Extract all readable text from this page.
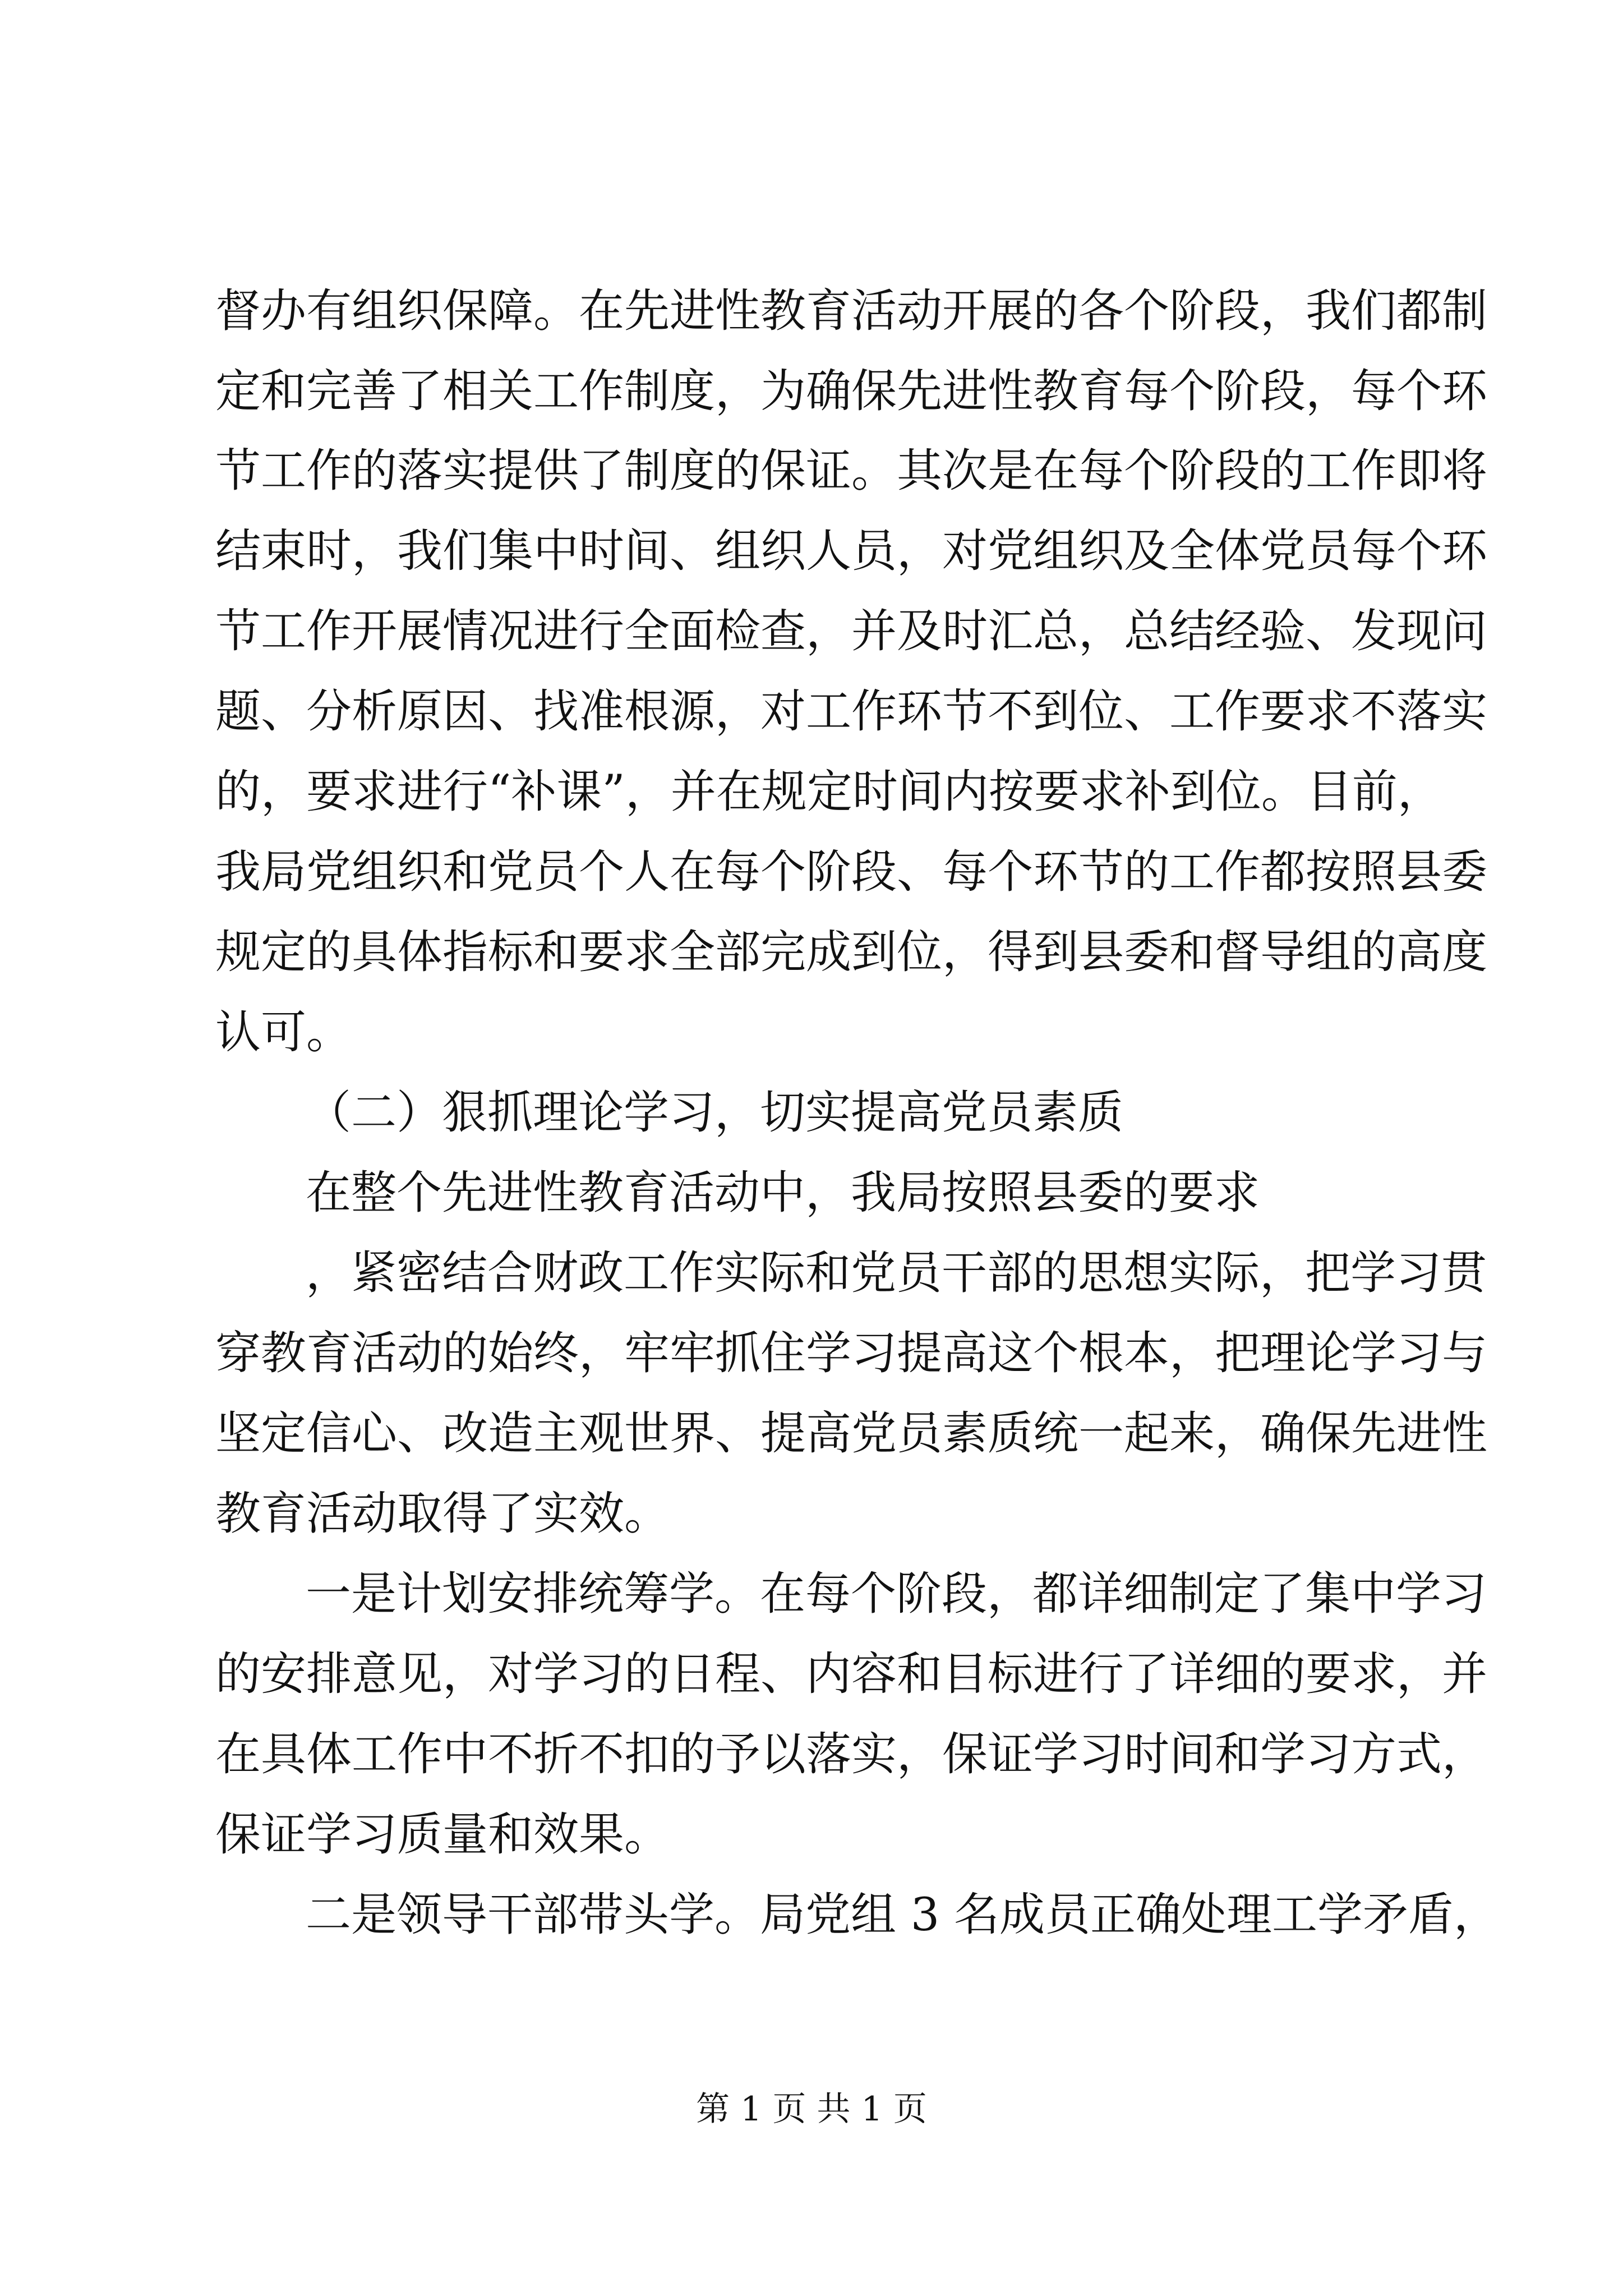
督办有组织保障。在先进性教育活动开展的各个阶段，我们都制
定和完善了相关工作制度，为确保先进性教育每个阶段，每个环
节工作的落实提供了制度的保证。其次是在每个阶段的工作即将
结束时，我们集中时间、组织人员，对党组织及全体党员每个环
节工作开展情况进行全面检查，并及时汇总，总结经验、发现问
题、分析原因、找准根源，对工作环节不到位、工作要求不落实
的，要求进行“补课”，并在规定时间内按要求补到位。目前，
我局党组织和党员个人在每个阶段、每个环节的工作都按照县委
规定的具体指标和要求全部完成到位，得到县委和督导组的高度
认可。
（二）狠抓理论学习，切实提高党员素质
在整个先进性教育活动中，我局按照县委的要求
，紧密结合财政工作实际和党员干部的思想实际，把学习贯
穿教育活动的始终，牢牢抓住学习提高这个根本，把理论学习与
坚定信心、改造主观世界、提高党员素质统一起来，确保先进性
教育活动取得了实效。
一是计划安排统筹学。在每个阶段，都详细制定了集中学习
的安排意见，对学习的日程、内容和目标进行了详细的要求，并
在具体工作中不折不扣的予以落实，保证学习时间和学习方式，
保证学习质量和效果。
二是领导干部带头学。局党组 3 名成员正确处理工学矛盾，
第 1 页 共 1 页
